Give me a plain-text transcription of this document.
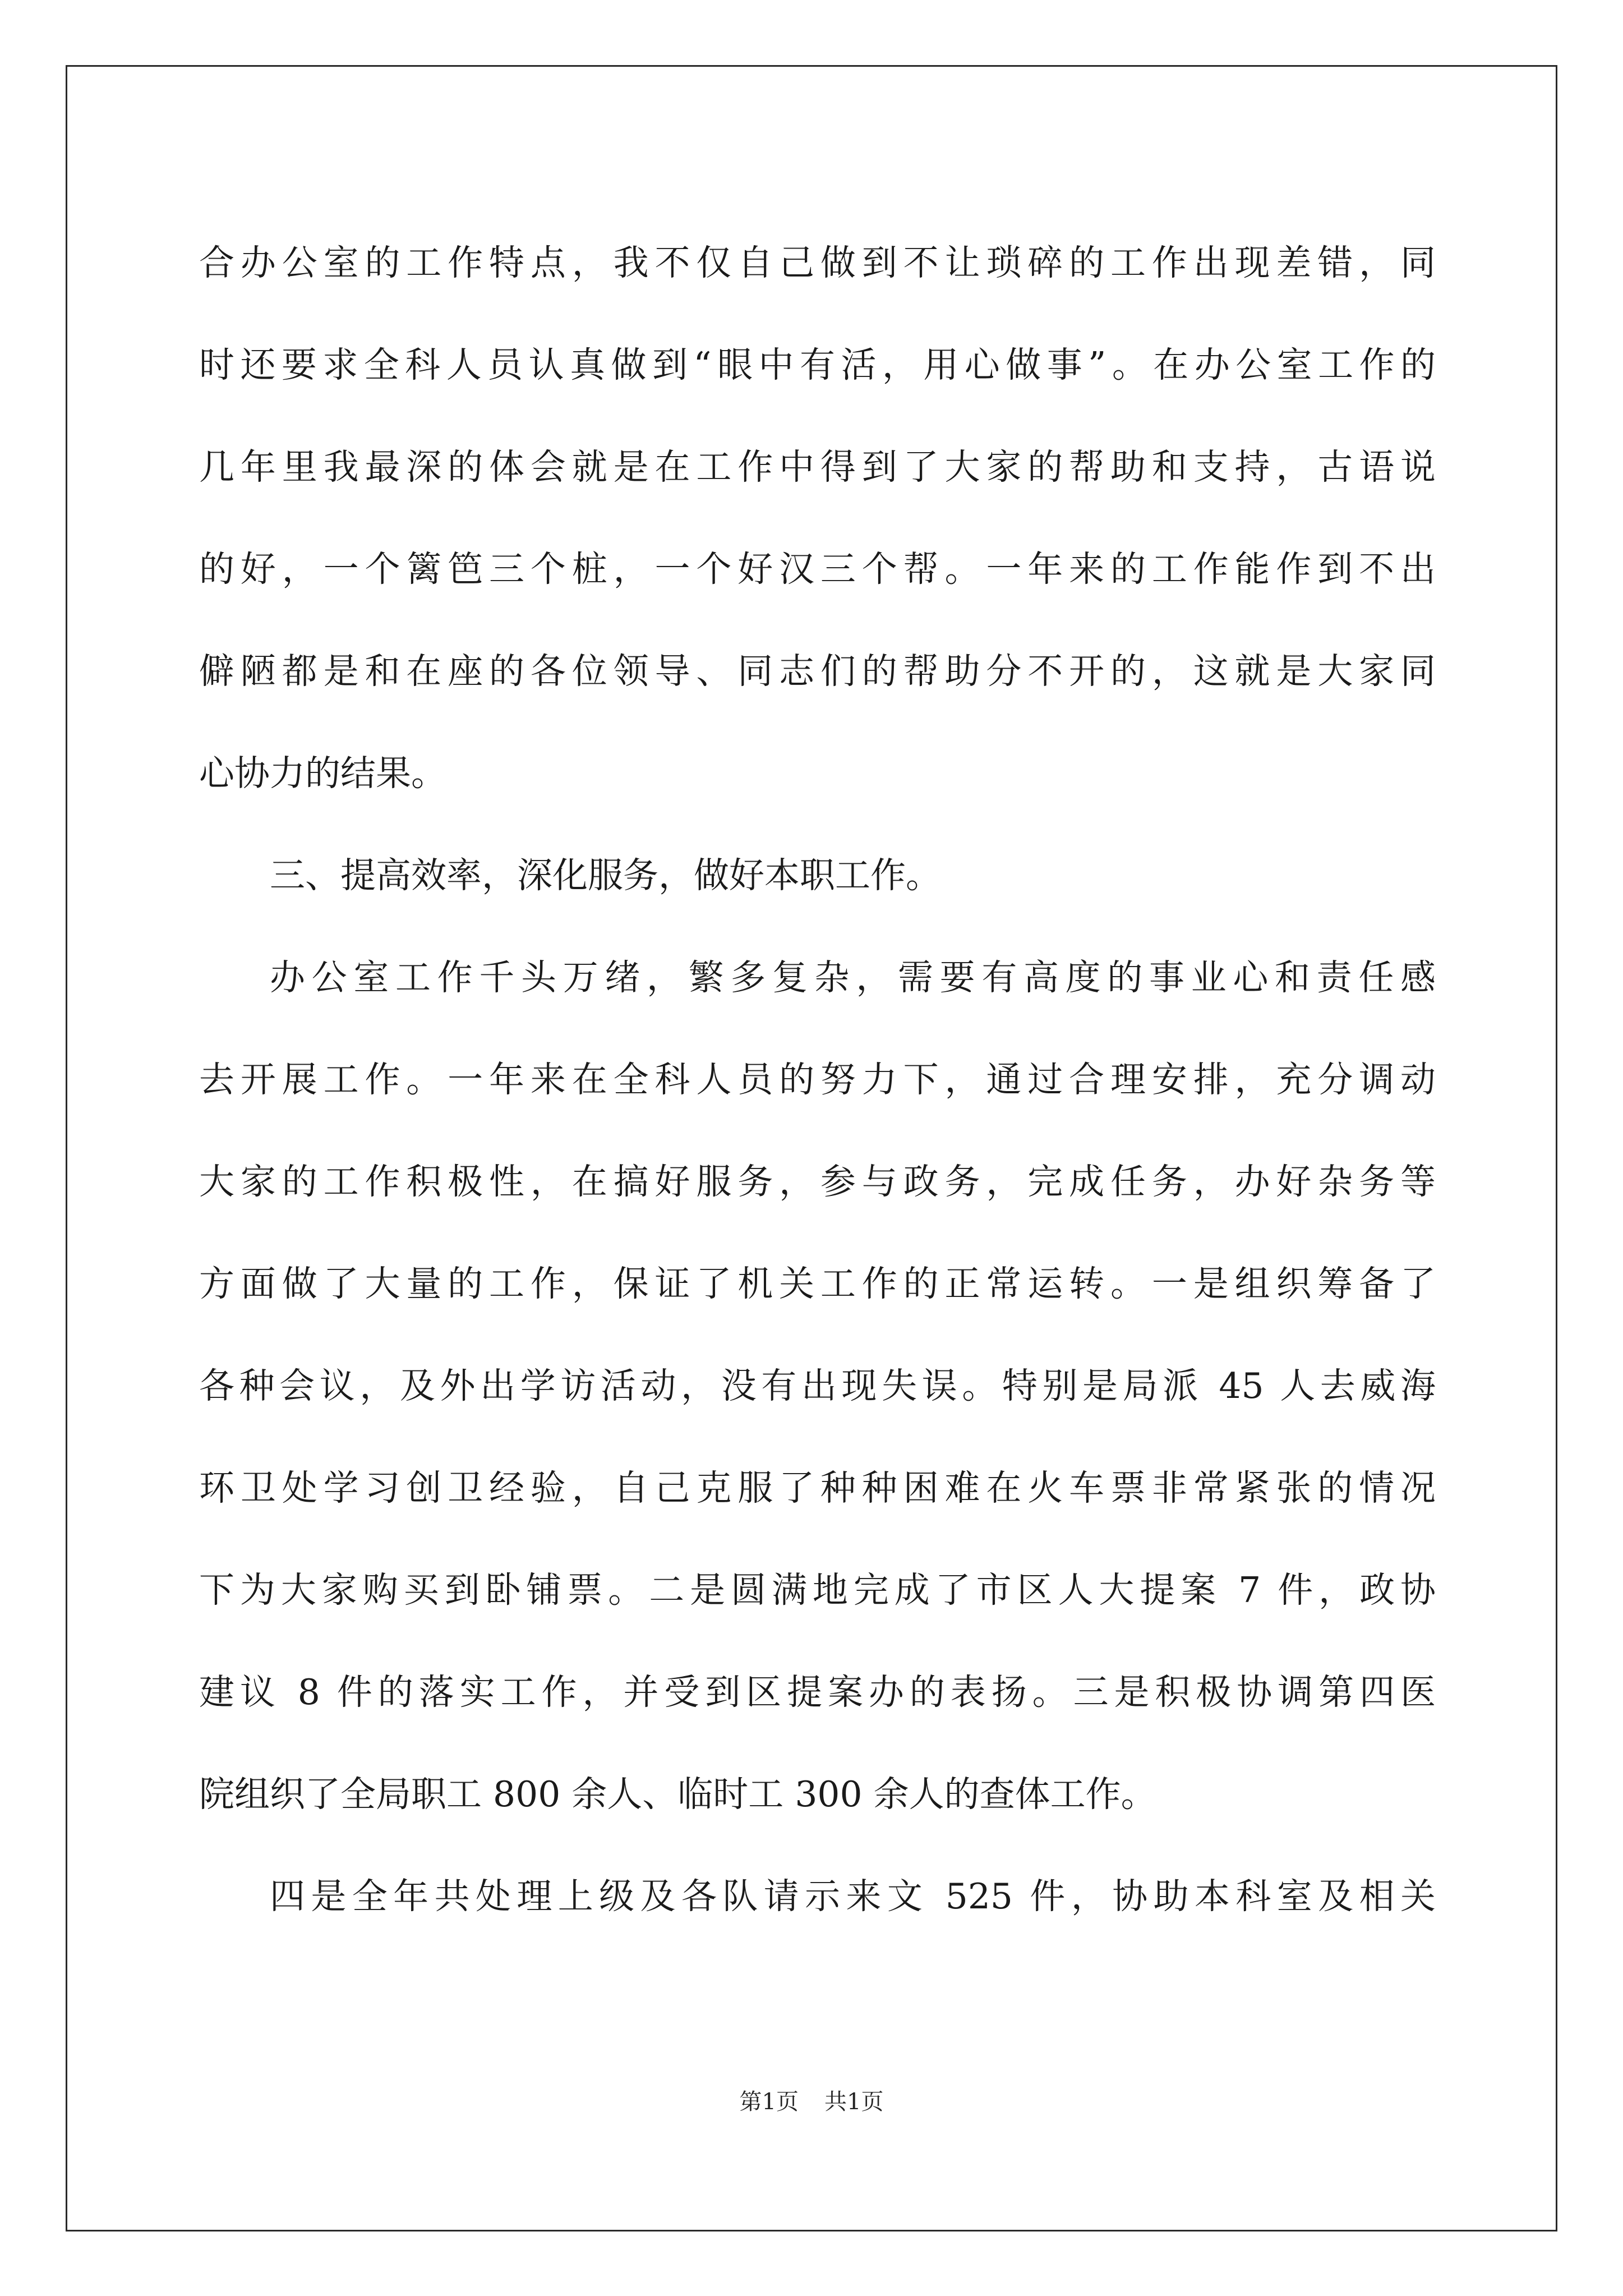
合办公室的工作特点，我不仅自己做到不让琐碎的工作出现差错，同
时还要求全科人员认真做到“眼中有活，用心做事”。在办公室工作的
几年里我最深的体会就是在工作中得到了大家的帮助和支持，古语说
的好，一个篱笆三个桩，一个好汉三个帮。一年来的工作能作到不出
僻陋都是和在座的各位领导、同志们的帮助分不开的，这就是大家同
心协力的结果。
三、提高效率，深化服务，做好本职工作。
办公室工作千头万绪，繁多复杂，需要有高度的事业心和责任感
去开展工作。一年来在全科人员的努力下，通过合理安排，充分调动
大家的工作积极性，在搞好服务，参与政务，完成任务，办好杂务等
方面做了大量的工作，保证了机关工作的正常运转。一是组织筹备了
各种会议，及外出学访活动，没有出现失误。特别是局派 45 人去威海
环卫处学习创卫经验，自己克服了种种困难在火车票非常紧张的情况
下为大家购买到卧铺票。二是圆满地完成了市区人大提案 7 件，政协
建议 8 件的落实工作，并受到区提案办的表扬。三是积极协调第四医
院组织了全局职工 800 余人、临时工 300 余人的查体工作。
四是全年共处理上级及各队请示来文 525 件，协助本科室及相关
第1页 共1页
